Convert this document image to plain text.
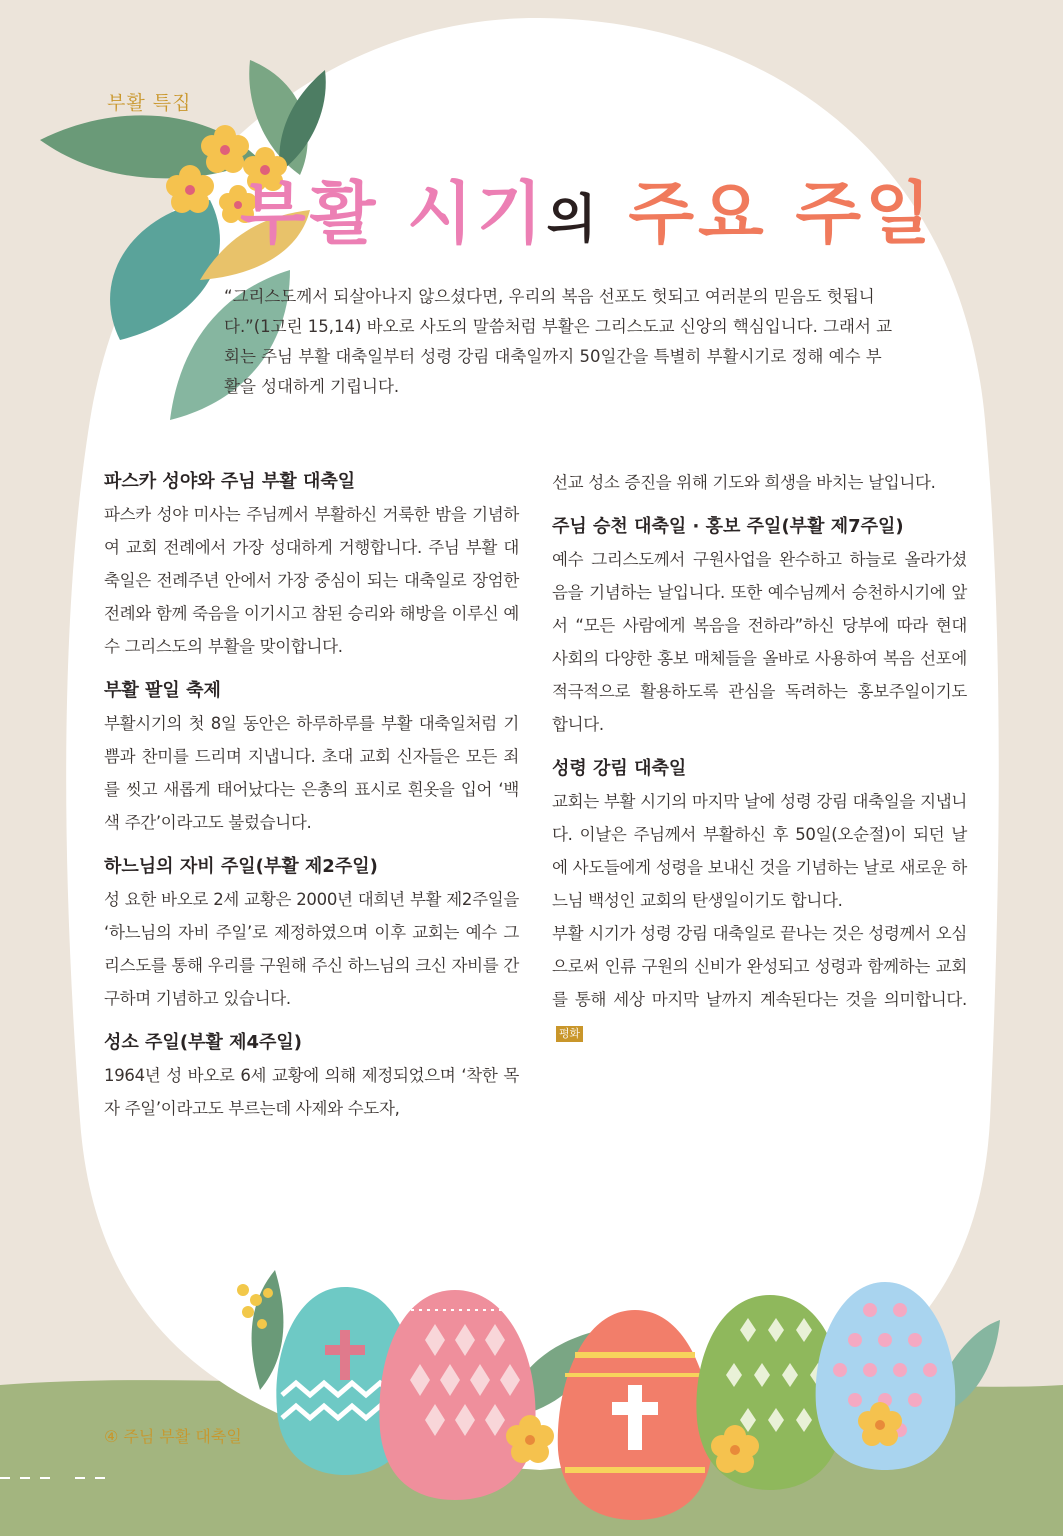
부활 특집
부활 시기의 주요 주일

“그리스도께서 되살아나지 않으셨다면, 우리의 복음 선포도 헛되고 여러분의 믿음도 헛됩니다.”(1고린 15,14) 바오로 사도의 말씀처럼 부활은 그리스도교 신앙의 핵심입니다. 그래서 교회는 주님 부활 대축일부터 성령 강림 대축일까지 50일간을 특별히 부활시기로 정해 예수 부활을 성대하게 기립니다.

파스카 성야와 주님 부활 대축일

파스카 성야 미사는 주님께서 부활하신 거룩한 밤을 기념하여 교회 전례에서 가장 성대하게 거행합니다. 주님 부활 대축일은 전례주년 안에서 가장 중심이 되는 대축일로 장엄한 전례와 함께 죽음을 이기시고 참된 승리와 해방을 이루신 예수 그리스도의 부활을 맞이합니다.

부활 팔일 축제

부활시기의 첫 8일 동안은 하루하루를 부활 대축일처럼 기쁨과 찬미를 드리며 지냅니다. 초대 교회 신자들은 모든 죄를 씻고 새롭게 태어났다는 은총의 표시로 흰옷을 입어 ‘백색 주간’이라고도 불렀습니다.

하느님의 자비 주일(부활 제2주일)

성 요한 바오로 2세 교황은 2000년 대희년 부활 제2주일을 ‘하느님의 자비 주일’로 제정하였으며 이후 교회는 예수 그리스도를 통해 우리를 구원해 주신 하느님의 크신 자비를 간구하며 기념하고 있습니다.

성소 주일(부활 제4주일)

1964년 성 바오로 6세 교황에 의해 제정되었으며 ‘착한 목자 주일’이라고도 부르는데 사제와 수도자,

선교 성소 증진을 위해 기도와 희생을 바치는 날입니다.

주님 승천 대축일 · 홍보 주일(부활 제7주일)

예수 그리스도께서 구원사업을 완수하고 하늘로 올라가셨음을 기념하는 날입니다. 또한 예수님께서 승천하시기에 앞서 “모든 사람에게 복음을 전하라”하신 당부에 따라 현대 사회의 다양한 홍보 매체들을 올바로 사용하여 복음 선포에 적극적으로 활용하도록 관심을 독려하는 홍보주일이기도 합니다.

성령 강림 대축일

교회는 부활 시기의 마지막 날에 성령 강림 대축일을 지냅니다. 이날은 주님께서 부활하신 후 50일(오순절)이 되던 날에 사도들에게 성령을 보내신 것을 기념하는 날로 새로운 하느님 백성인 교회의 탄생일이기도 합니다.

부활 시기가 성령 강림 대축일로 끝나는 것은 성령께서 오심으로써 인류 구원의 신비가 완성되고 성령과 함께하는 교회를 통해 세상 마지막 날까지 계속된다는 것을 의미합니다.평화

④ 주님 부활 대축일
